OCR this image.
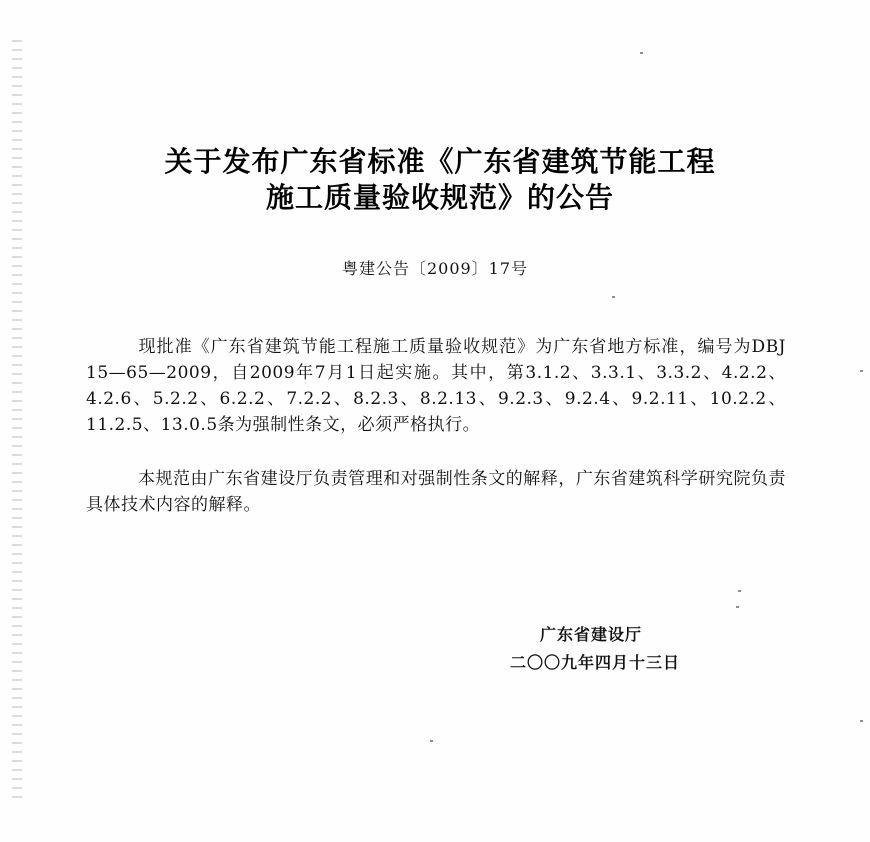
关于发布广东省标准《广东省建筑节能工程
施工质量验收规范》的公告
粤建公告〔2009〕17号
现批准《广东省建筑节能工程施工质量验收规范》为广东省地方标准，编号为DBJ 15—65—2009，自2009年7月1日起实施。其中，第3.1.2、3.3.1、3.3.2、4.2.2、4.2.6、5.2.2、6.2.2、7.2.2、8.2.3、8.2.13、9.2.3、9.2.4、9.2.11、10.2.2、11.2.5、13.0.5条为强制性条文，必须严格执行。
本规范由广东省建设厅负责管理和对强制性条文的解释，广东省建筑科学研究院负责具体技术内容的解释。
广东省建设厅
二〇〇九年四月十三日
